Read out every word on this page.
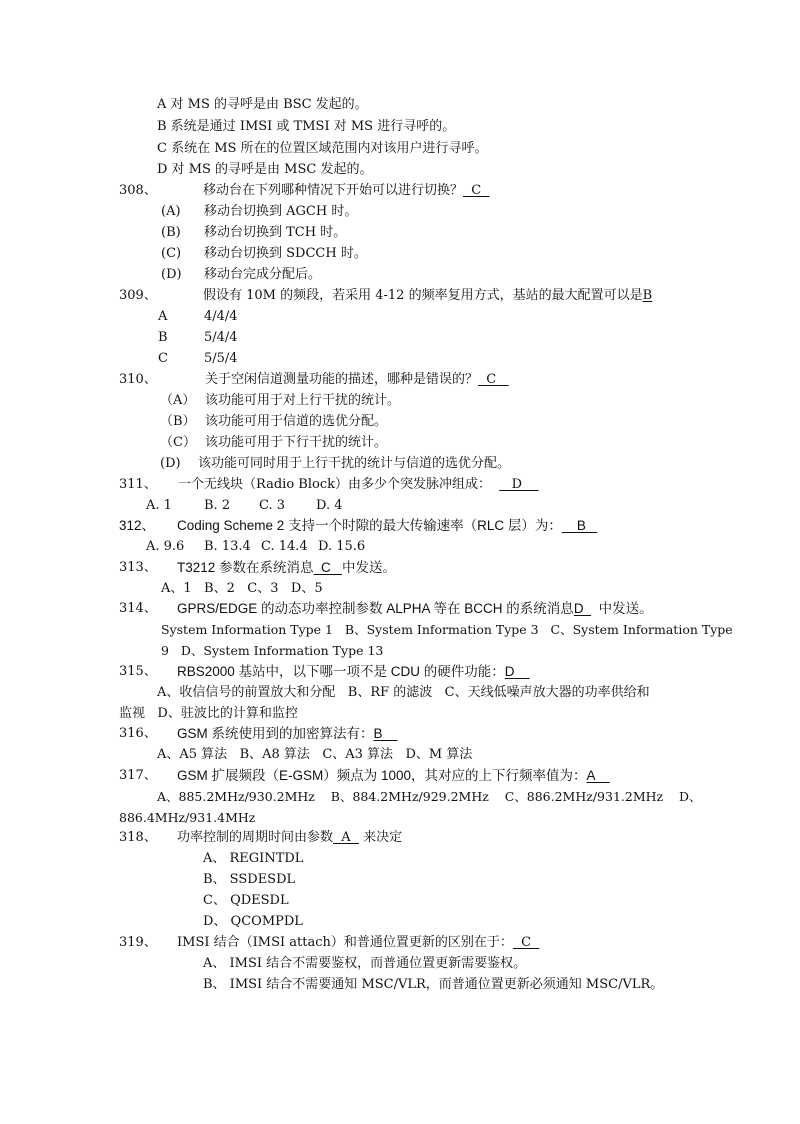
A 对 MS 的寻呼是由 BSC 发起的。
B 系统是通过 IMSI 或 TMSI 对 MS 进行寻呼的。
C 系统在 MS 所在的位置区域范围内对该用户进行寻呼。
D 对 MS 的寻呼是由 MSC 发起的。
308、	移动台在下列哪种情况下开始可以进行切换？  C
(A) 移动台切换到 AGCH 时。
(B) 移动台切换到 TCH 时。
(C) 移动台切换到 SDCCH 时。
(D) 移动台完成分配后。
309、	假设有 10M 的频段，若采用 4-12 的频率复用方式，基站的最大配置可以是B
A	4/4/4
B	5/4/4
C	5/5/4
310、	关于空闲信道测量功能的描述，哪种是错误的？  C
（A） 该功能可用于对上行干扰的统计。
（B） 该功能可用于信道的选优分配。
（C） 该功能可用于下行干扰的统计。
(D) 该功能可同时用于上行干扰的统计与信道的选优分配。
311、 一个无线块（Radio Block）由多少个突发脉冲组成：     D
A. 1 B. 2 C. 3 D. 4
312、 Coding Scheme 2 支持一个时隙的最大传输速率（RLC 层）为：    B
A. 9.6 B. 13.4 C. 14.4 D. 15.6
313、 T3212 参数在系统消息  C   中发送。
A、1   B、2   C、3   D、5
314、 GPRS/EDGE 的动态功率控制参数 ALPHA 等在 BCCH 的系统消息D    中发送。
System Information Type 1   B、System Information Type 3   C、System Information Type
9   D、System Information Type 13
315、 RBS2000 基站中，以下哪一项不是 CDU 的硬件功能：D
A、收信信号的前置放大和分配   B、RF 的滤波   C、天线低噪声放大器的功率供给和
监视   D、驻波比的计算和监控
316、 GSM 系统使用到的加密算法有：B
A、A5 算法   B、A8 算法   C、A3 算法   D、M 算法
317、 GSM 扩展频段（E-GSM）频点为 1000，其对应的上下行频率值为：A
A、885.2MHz/930.2MHz    B、884.2MHz/929.2MHz    C、886.2MHz/931.2MHz    D、
886.4MHz/931.4MHz
318、 功率控制的周期时间由参数  A   来决定
A、 REGINTDL
B、 SSDESDL
C、 QDESDL
D、 QCOMPDL
319、 IMSI 结合（IMSI attach）和普通位置更新的区别在于：  C
A、 IMSI 结合不需要鉴权，而普通位置更新需要鉴权。
B、 IMSI 结合不需要通知 MSC/VLR，而普通位置更新必须通知 MSC/VLR。
